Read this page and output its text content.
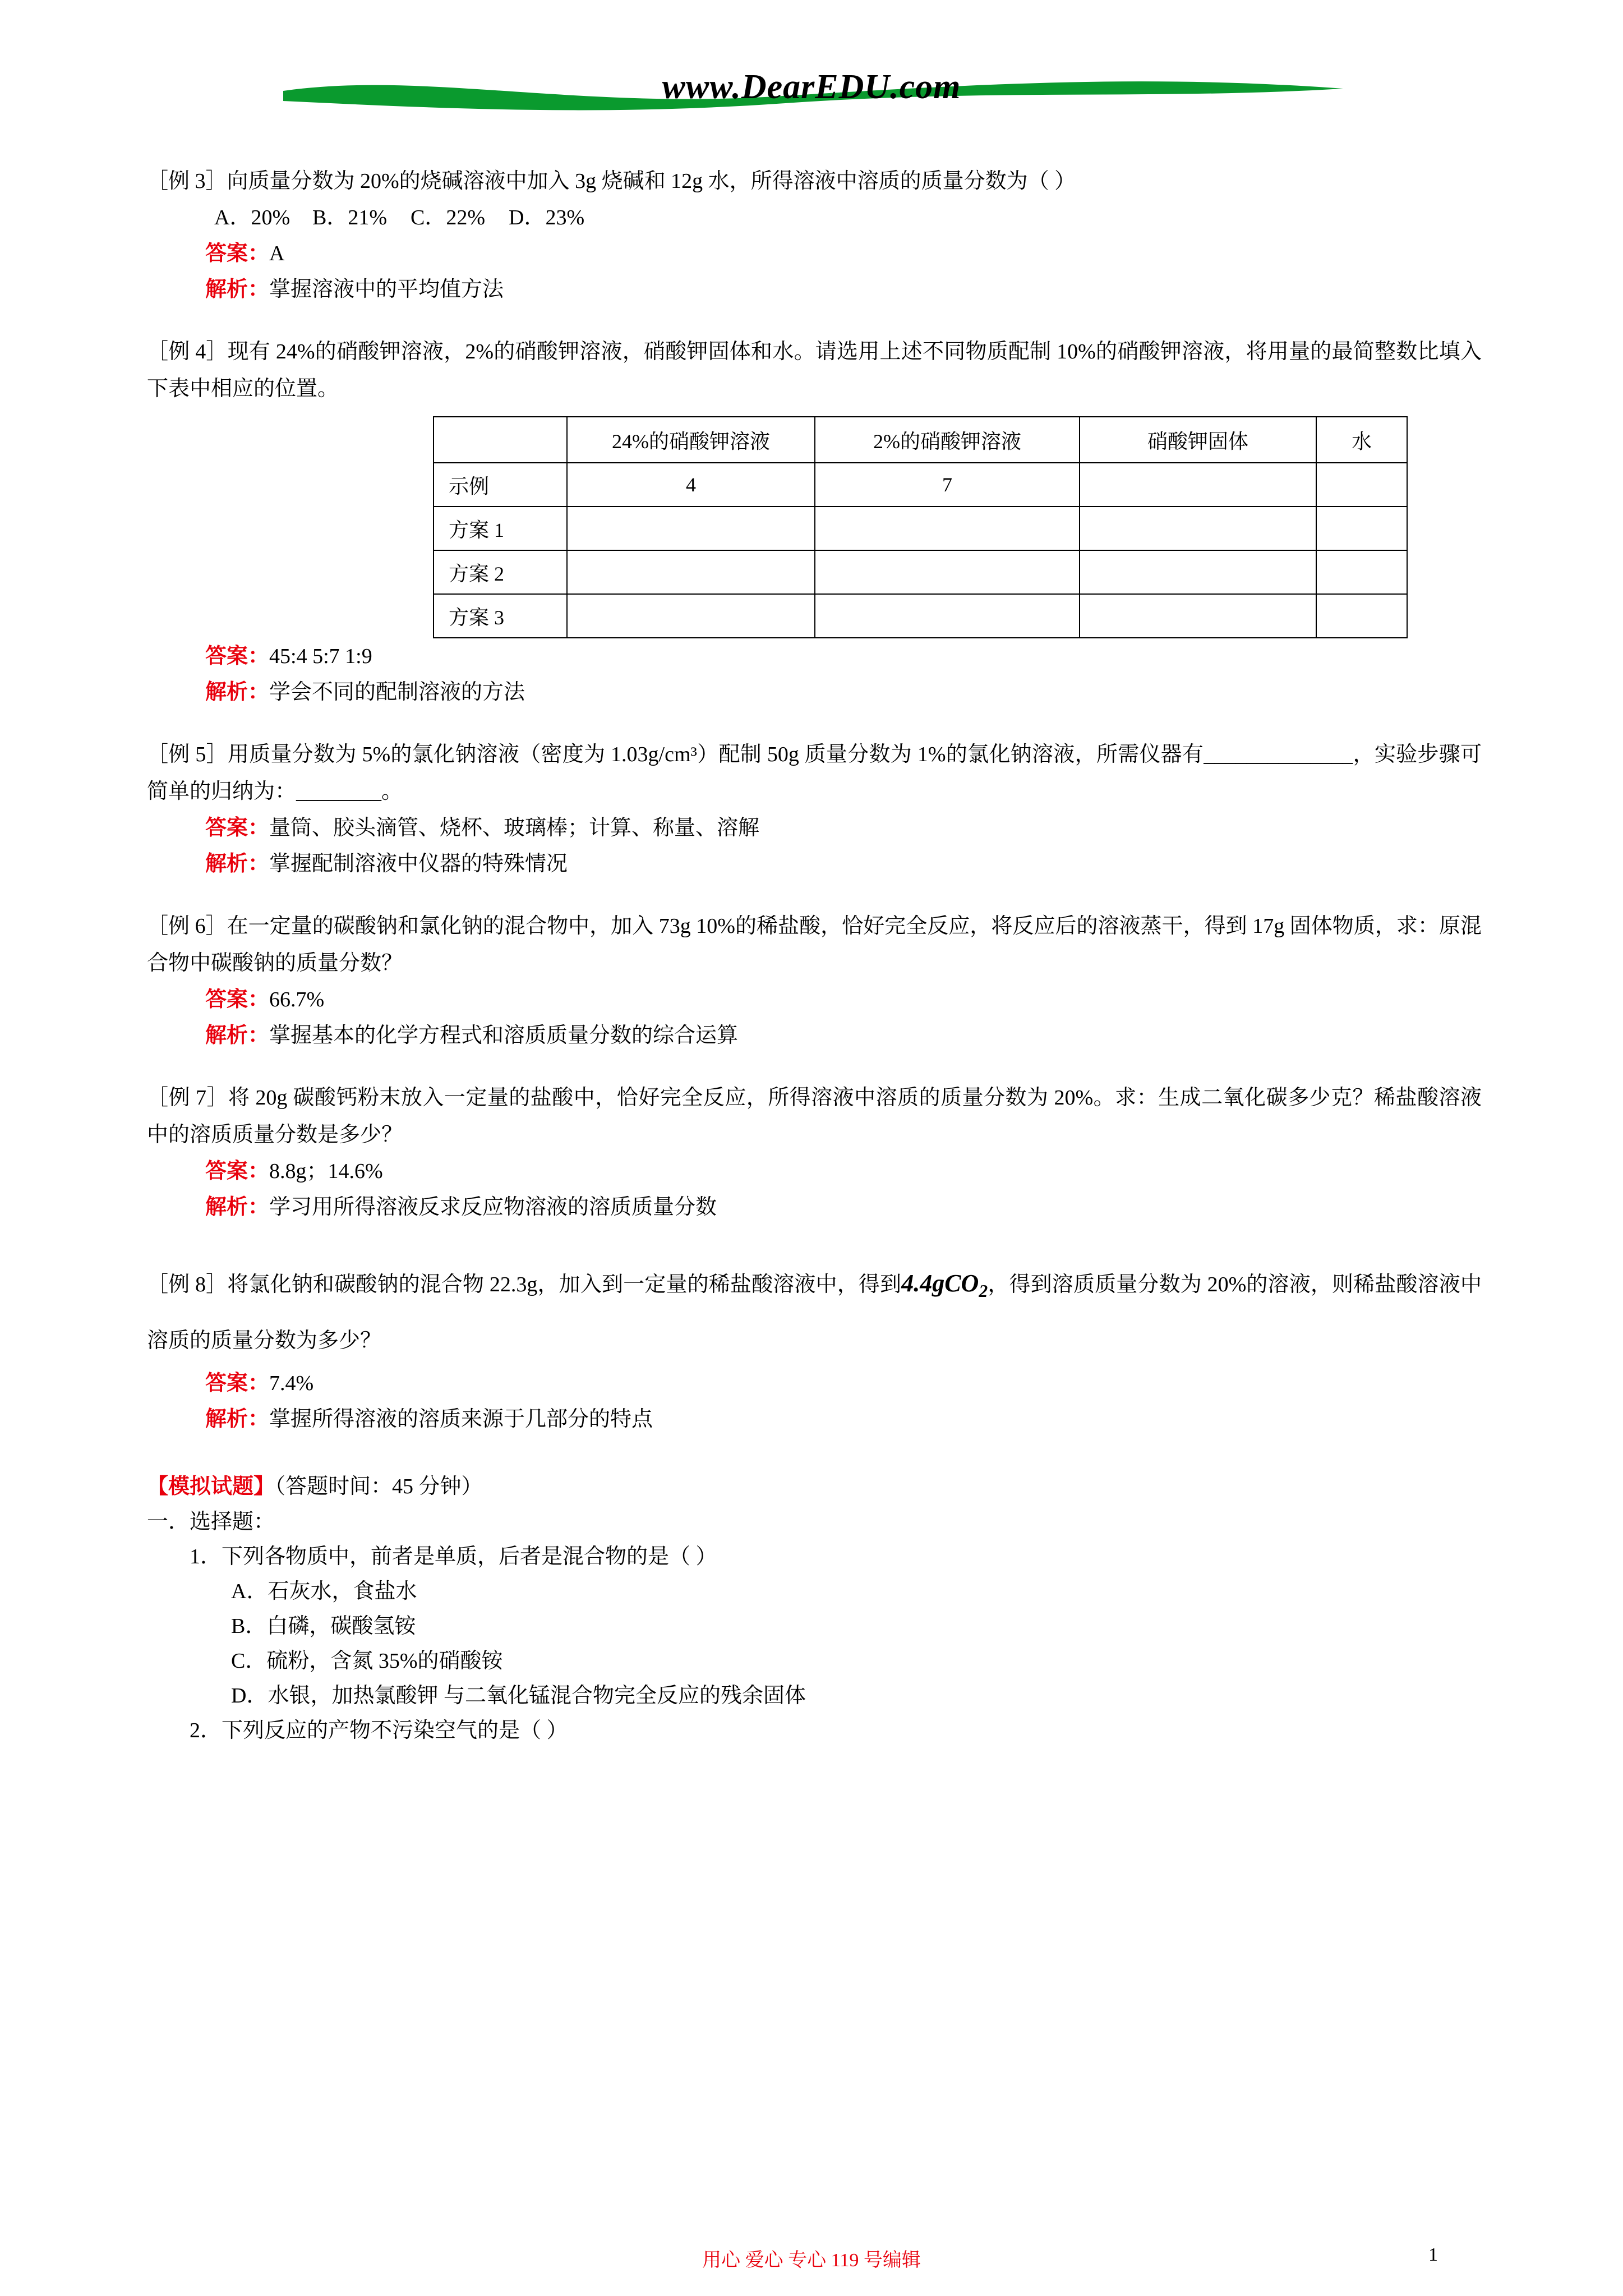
www.DearEDU.com

［例 3］向质量分数为 20%的烧碱溶液中加入 3g 烧碱和 12g 水，所得溶液中溶质的质量分数为（ ）

A．20% B．21% C．22% D．23%
答案：A
解析：掌握溶液中的平均值方法

［例 4］现有 24%的硝酸钾溶液，2%的硝酸钾溶液，硝酸钾固体和水。请选用上述不同物质配制 10%的硝酸钾溶液，将用量的最简整数比填入下表中相应的位置。

	24%的硝酸钾溶液	2%的硝酸钾溶液	硝酸钾固体	水
示例	4	7		
方案 1				
方案 2				
方案 3				
答案：45:4 5:7 1:9
解析：学会不同的配制溶液的方法

［例 5］用质量分数为 5%的氯化钠溶液（密度为 1.03g/cm³）配制 50g 质量分数为 1%的氯化钠溶液，所需仪器有______________，实验步骤可简单的归纳为：________。

答案：量筒、胶头滴管、烧杯、玻璃棒；计算、称量、溶解
解析：掌握配制溶液中仪器的特殊情况

［例 6］在一定量的碳酸钠和氯化钠的混合物中，加入 73g 10%的稀盐酸，恰好完全反应，将反应后的溶液蒸干，得到 17g 固体物质，求：原混合物中碳酸钠的质量分数？

答案：66.7%
解析：掌握基本的化学方程式和溶质质量分数的综合运算

［例 7］将 20g 碳酸钙粉末放入一定量的盐酸中，恰好完全反应，所得溶液中溶质的质量分数为 20%。求：生成二氧化碳多少克？稀盐酸溶液中的溶质质量分数是多少？

答案：8.8g；14.6%
解析：学习用所得溶液反求反应物溶液的溶质质量分数

［例 8］将氯化钠和碳酸钠的混合物 22.3g，加入到一定量的稀盐酸溶液中，得到4.4gCO$_2$，得到溶质质量分数为 20%的溶液，则稀盐酸溶液中溶质的质量分数为多少？

答案：7.4%
解析：掌握所得溶液的溶质来源于几部分的特点
【模拟试题】（答题时间：45 分钟）
一．选择题：
1．下列各物质中，前者是单质，后者是混合物的是（ ）
A．石灰水，食盐水
B．白磷，碳酸氢铵
C．硫粉，含氮 35%的硝酸铵
D．水银，加热氯酸钾 与二氧化锰混合物完全反应的残余固体
2．下列反应的产物不污染空气的是（ ）
用心 爱心 专心 119 号编辑	1
